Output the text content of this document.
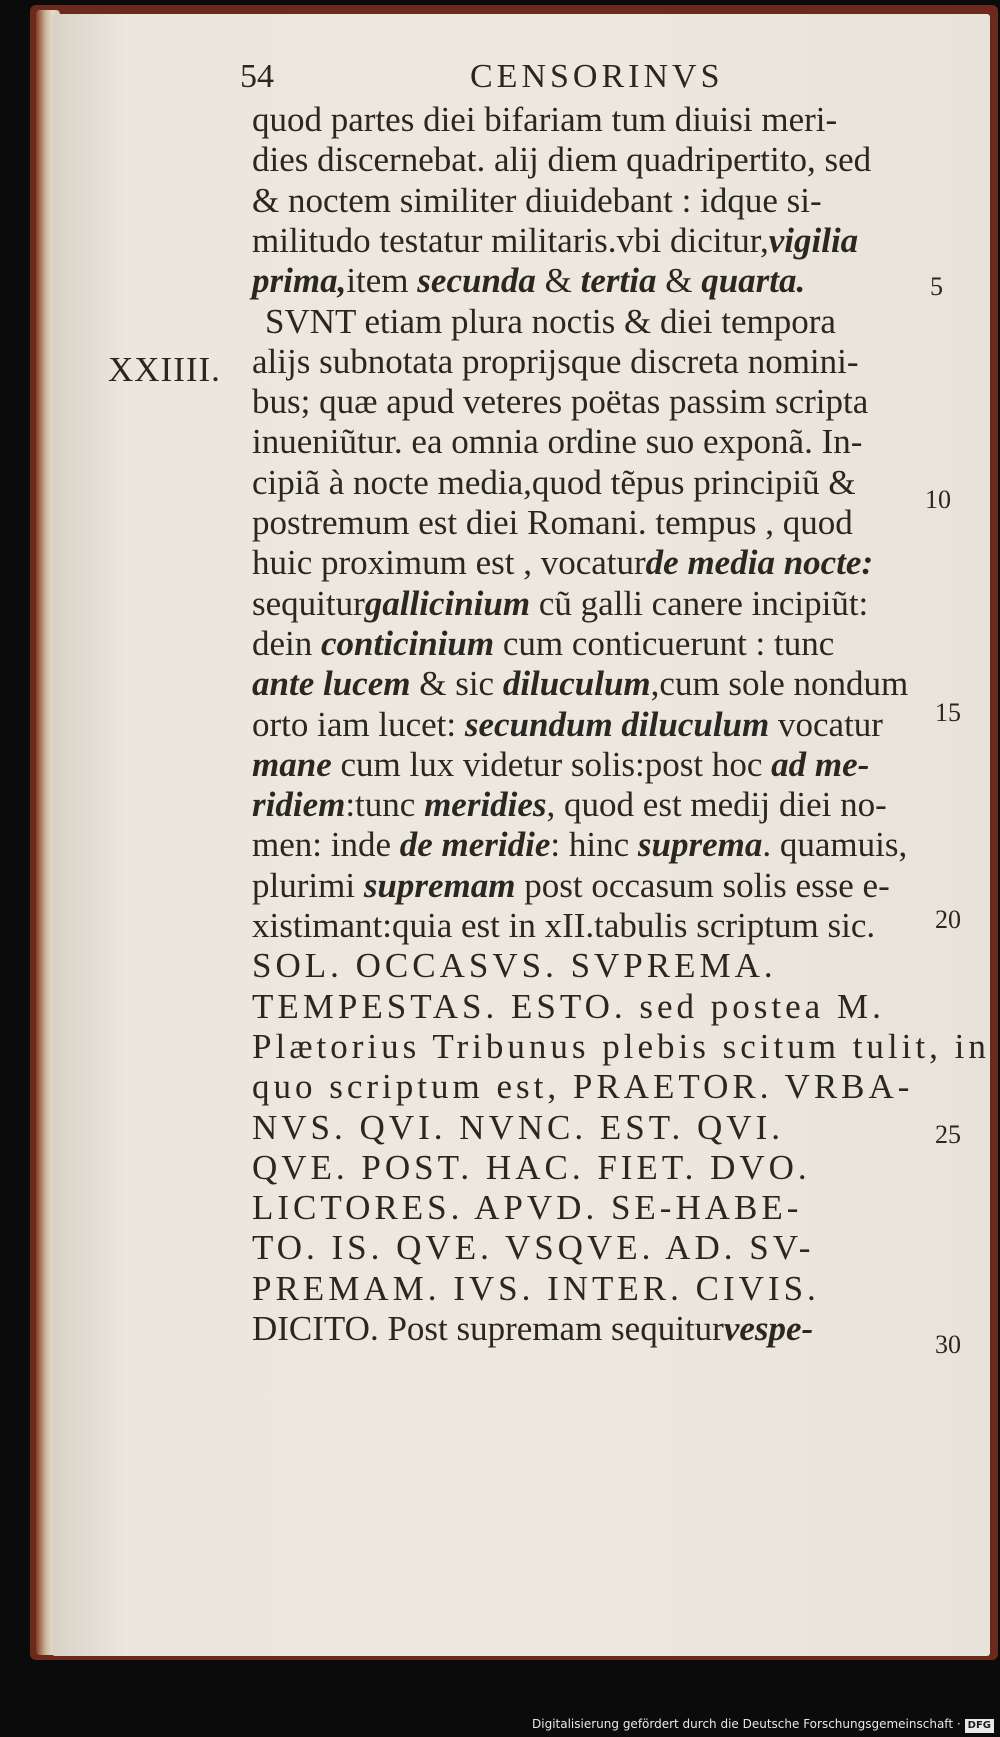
54	CENSORINVS
XXIIII.
quod partes diei bifariam tum diuisi meri-
dies discernebat. alij diem quadripertito, sed
& noctem similiter diuidebant : idque si-
militudo testatur militaris.vbi dicitur,vigilia
prima,item secunda & tertia & quarta.
SVNT etiam plura noctis & diei tempora
alijs subnotata proprijsque discreta nomini-
bus; quæ apud veteres poëtas passim scripta
inueniũtur. ea omnia ordine suo exponã. In-
cipiã à nocte media,quod tẽpus principiũ &
postremum est diei Romani. tempus , quod
huic proximum est , vocaturde media nocte:
sequiturgallicinium cũ galli canere incipiũt:
dein conticinium cum conticuerunt : tunc
ante lucem & sic diluculum,cum sole nondum
orto iam lucet: secundum diluculum vocatur
mane cum lux videtur solis:post hoc ad me-
ridiem:tunc meridies, quod est medij diei no-
men: inde de meridie: hinc suprema. quamuis,
plurimi supremam post occasum solis esse e-
xistimant:quia est in xII.tabulis scriptum sic.
SOL. OCCASVS. SVPREMA.
TEMPESTAS. ESTO. sed postea M.
Plætorius Tribunus plebis scitum tulit, in
quo scriptum est, PRAETOR. VRBA-
NVS. QVI. NVNC. EST. QVI.
QVE. POST. HAC. FIET. DVO.
LICTORES. APVD. SE-HABE-
TO. IS. QVE. VSQVE. AD. SV-
PREMAM. IVS. INTER. CIVIS.
DICITO. Post supremam sequiturvespe-
5
10
15
20
25
30
Digitalisierung gefördert durch die Deutsche Forschungsgemeinschaft · DFG
